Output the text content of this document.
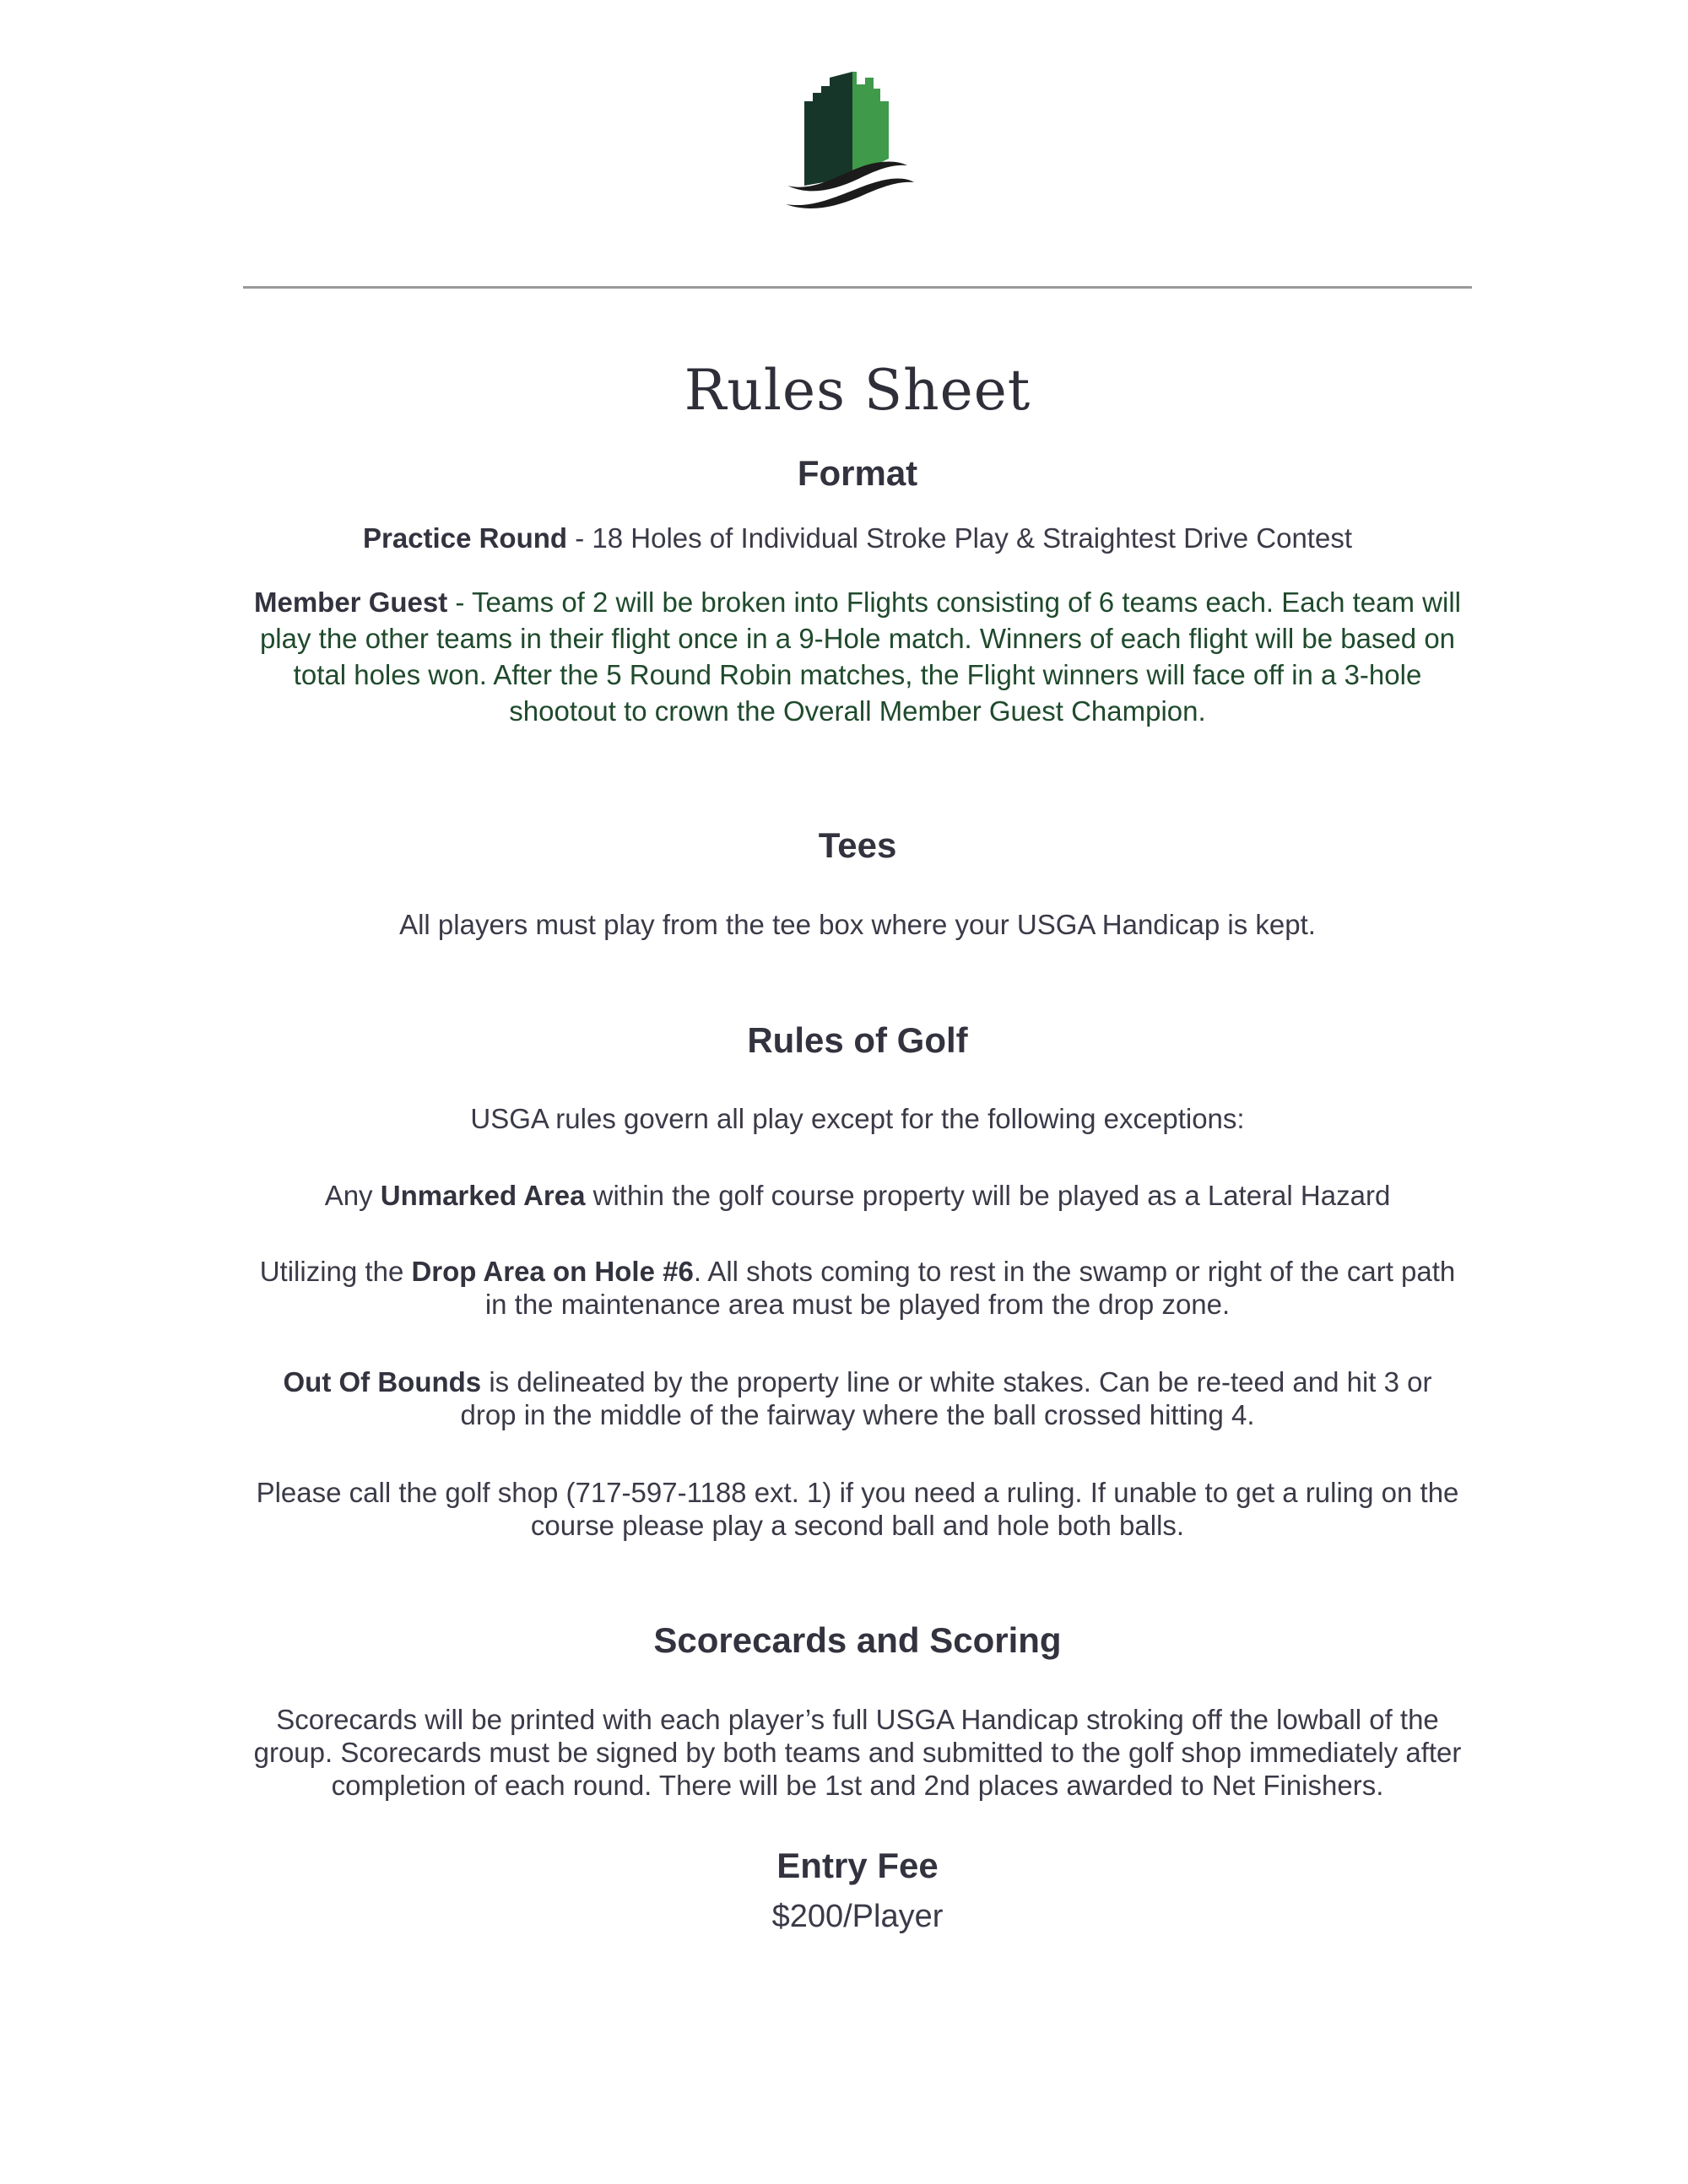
Rules Sheet
Format
Practice Round - 18 Holes of Individual Stroke Play & Straightest Drive Contest
Member Guest - Teams of 2 will be broken into Flights consisting of 6 teams each. Each team will play the other teams in their flight once in a 9-Hole match. Winners of each flight will be based on total holes won. After the 5 Round Robin matches, the Flight winners will face off in a 3-hole shootout to crown the Overall Member Guest Champion.
Tees
All players must play from the tee box where your USGA Handicap is kept.
Rules of Golf
USGA rules govern all play except for the following exceptions:
Any Unmarked Area within the golf course property will be played as a Lateral Hazard
Utilizing the Drop Area on Hole #6. All shots coming to rest in the swamp or right of the cart path in the maintenance area must be played from the drop zone.
Out Of Bounds is delineated by the property line or white stakes. Can be re-teed and hit 3 or drop in the middle of the fairway where the ball crossed hitting 4.
Please call the golf shop (717-597-1188 ext. 1) if you need a ruling. If unable to get a ruling on the course please play a second ball and hole both balls.
Scorecards and Scoring
Scorecards will be printed with each player’s full USGA Handicap stroking off the lowball of the group. Scorecards must be signed by both teams and submitted to the golf shop immediately after completion of each round. There will be 1st and 2nd places awarded to Net Finishers.
Entry Fee
$200/Player
